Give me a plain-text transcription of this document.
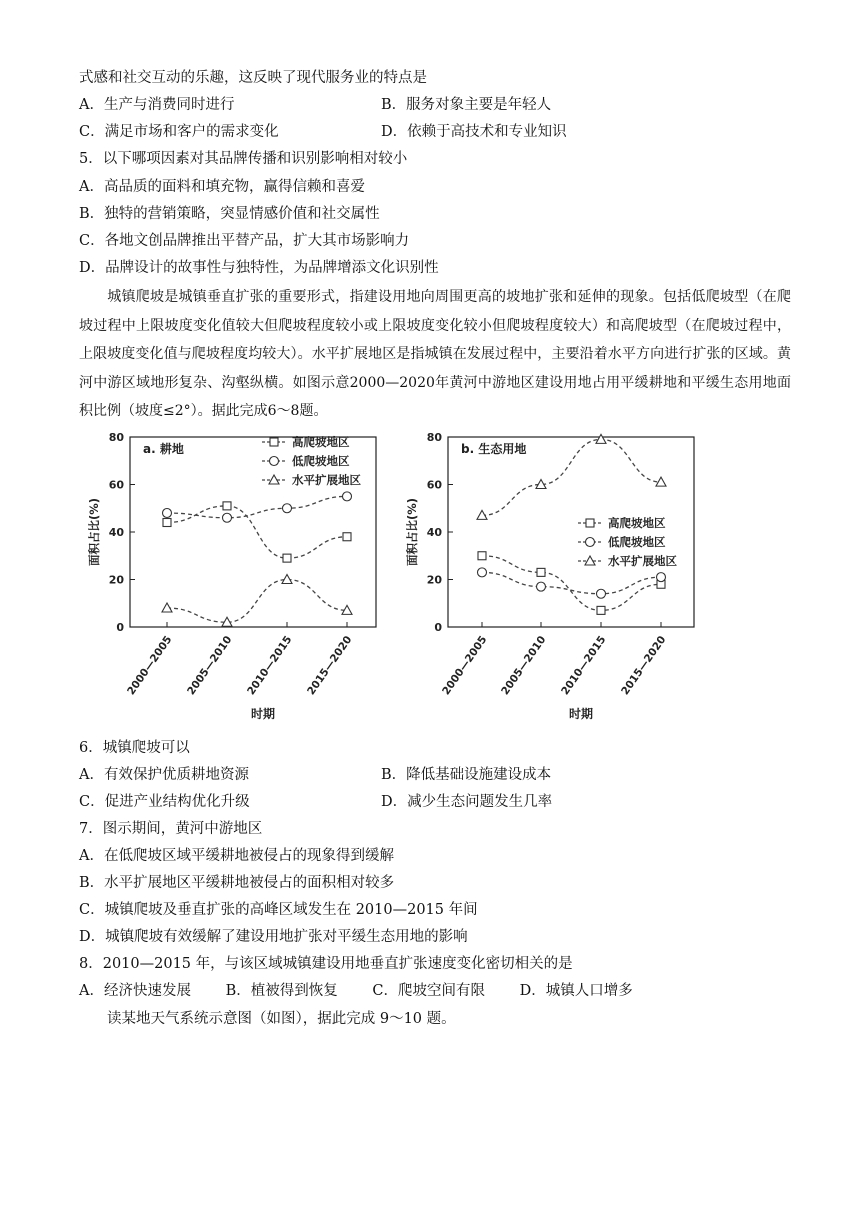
式感和社交互动的乐趣，这反映了现代服务业的特点是
A．生产与消费同时进行	B．服务对象主要是年轻人
C．满足市场和客户的需求变化	D．依赖于高技术和专业知识
5．以下哪项因素对其品牌传播和识别影响相对较小
A．高品质的面料和填充物，赢得信赖和喜爱
B．独特的营销策略，突显情感价值和社交属性
C．各地文创品牌推出平替产品，扩大其市场影响力
D．品牌设计的故事性与独特性，为品牌增添文化识别性
城镇爬坡是城镇垂直扩张的重要形式，指建设用地向周围更高的坡地扩张和延伸的现象。包括低爬坡型（在爬坡过程中上限坡度变化值较大但爬坡程度较小或上限坡度变化较小但爬坡程度较大）和高爬坡型（在爬坡过程中，上限坡度变化值与爬坡程度均较大）。水平扩展地区是指城镇在发展过程中，主要沿着水平方向进行扩张的区域。黄河中游区域地形复杂、沟壑纵横。如图示意2000—2020年黄河中游地区建设用地占用平缓耕地和平缓生态用地面积比例（坡度≤2°）。据此完成6～8题。
0
20
40
60
80
2000—2005 2005—2010 2010—2015 2015—2020
面积占比(%)
时期
a. 耕地	高爬坡地区
低爬坡地区
水平扩展地区
0
20
40
60
80
2000—2005 2005—2010 2010—2015 2015—2020
面积占比(%)
时期
b. 生态用地
高爬坡地区
低爬坡地区
水平扩展地区
6．城镇爬坡可以
A．有效保护优质耕地资源	B．降低基础设施建设成本
C．促进产业结构优化升级	D．减少生态问题发生几率
7．图示期间，黄河中游地区
A．在低爬坡区域平缓耕地被侵占的现象得到缓解
B．水平扩展地区平缓耕地被侵占的面积相对较多
C．城镇爬坡及垂直扩张的高峰区域发生在 2010—2015 年间
D．城镇爬坡有效缓解了建设用地扩张对平缓生态用地的影响
8．2010—2015 年，与该区域城镇建设用地垂直扩张速度变化密切相关的是
A．经济快速发展 B．植被得到恢复 C．爬坡空间有限 D．城镇人口增多
读某地天气系统示意图（如图），据此完成 9～10 题。
